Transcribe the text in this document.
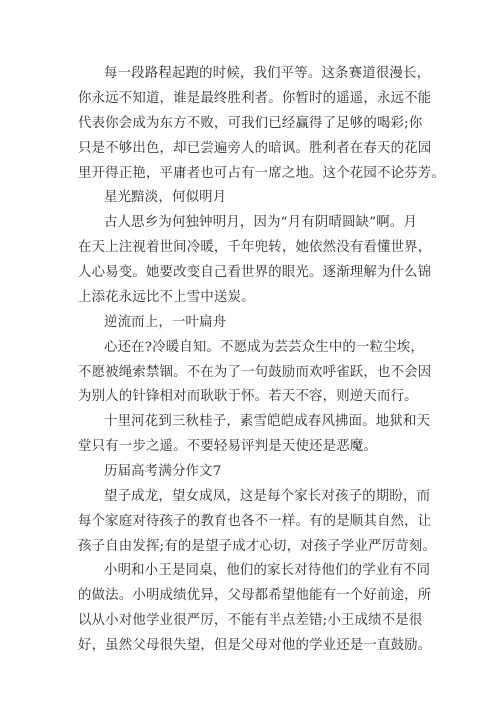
每一段路程起跑的时候，我们平等。这条赛道很漫长，
你永远不知道，谁是最终胜利者。你暂时的遥遥，永远不能
代表你会成为东方不败，可我们已经赢得了足够的喝彩;你
只是不够出色，却已尝遍旁人的暗讽。胜利者在春天的花园
里开得正艳，平庸者也可占有一席之地。这个花园不论芬芳。
星光黯淡，何似明月
古人思乡为何独钟明月，因为“月有阴晴圆缺”啊。月
在天上注视着世间冷暖，千年兜转，她依然没有看懂世界，
人心易变。她要改变自己看世界的眼光。逐渐理解为什么锦
上添花永远比不上雪中送炭。
逆流而上，一叶扁舟
心还在?冷暖自知。不愿成为芸芸众生中的一粒尘埃，
不愿被绳索禁锢。不在为了一句鼓励而欢呼雀跃，也不会因
为别人的针锋相对而耿耿于怀。若天不容，则逆天而行。
十里河花到三秋桂子，素雪皑皑成春风拂面。地狱和天
堂只有一步之遥。不要轻易评判是天使还是恶魔。
历届高考满分作文7
望子成龙，望女成凤，这是每个家长对孩子的期盼，而
每个家庭对待孩子的教育也各不一样。有的是顺其自然，让
孩子自由发挥;有的是望子成才心切，对孩子学业严厉苛刻。
小明和小王是同桌，他们的家长对待他们的学业有不同
的做法。小明成绩优异，父母都希望他能有一个好前途，所
以从小对他学业很严厉，不能有半点差错;小王成绩不是很
好，虽然父母很失望，但是父母对他的学业还是一直鼓励。
